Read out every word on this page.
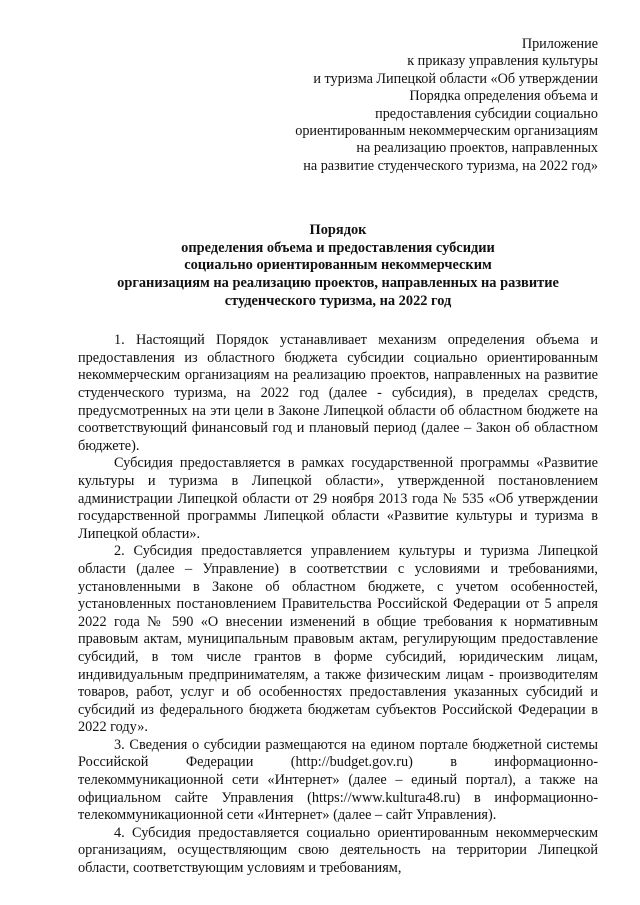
Приложение
к приказу управления культуры
и туризма Липецкой области «Об утверждении
Порядка определения объема и
предоставления субсидии социально
ориентированным некоммерческим организациям
на реализацию проектов, направленных
на развитие студенческого туризма, на 2022 год»
Порядок
определения объема и предоставления субсидии
социально ориентированным некоммерческим
организациям на реализацию проектов, направленных на развитие
студенческого туризма, на 2022 год

1. Настоящий Порядок устанавливает механизм определения объема и предоставления из областного бюджета субсидии социально ориентированным некоммерческим организациям на реализацию проектов, направленных на развитие студенческого туризма, на 2022 год (далее - субсидия), в пределах средств, предусмотренных на эти цели в Законе Липецкой области об областном бюджете на соответствующий финансовый год и плановый период (далее – Закон об областном бюджете).

Субсидия предоставляется в рамках государственной программы «Развитие культуры и туризма в Липецкой области», утвержденной постановлением администрации Липецкой области от 29 ноября 2013 года № 535 «Об утверждении государственной программы Липецкой области «Развитие культуры и туризма в Липецкой области».

2. Субсидия предоставляется управлением культуры и туризма Липецкой области (далее – Управление) в соответствии с условиями и требованиями, установленными в Законе об областном бюджете, с учетом особенностей, установленных постановлением Правительства Российской Федерации от 5 апреля 2022 года № 590 «О внесении изменений в общие требования к нормативным правовым актам, муниципальным правовым актам, регулирующим предоставление субсидий, в том числе грантов в форме субсидий, юридическим лицам, индивидуальным предпринимателям, а также физическим лицам - производителям товаров, работ, услуг и об особенностях предоставления указанных субсидий и субсидий из федерального бюджета бюджетам субъектов Российской Федерации в 2022 году».

3. Сведения о субсидии размещаются на едином портале бюджетной системы Российской Федерации (http://budget.gov.ru) в информационно-телекоммуникационной сети «Интернет» (далее – единый портал), а также на официальном сайте Управления (https://www.kultura48.ru) в информационно-телекоммуникационной сети «Интернет» (далее – сайт Управления).

4. Субсидия предоставляется социально ориентированным некоммерческим организациям, осуществляющим свою деятельность на территории Липецкой области, соответствующим условиям и требованиям,
